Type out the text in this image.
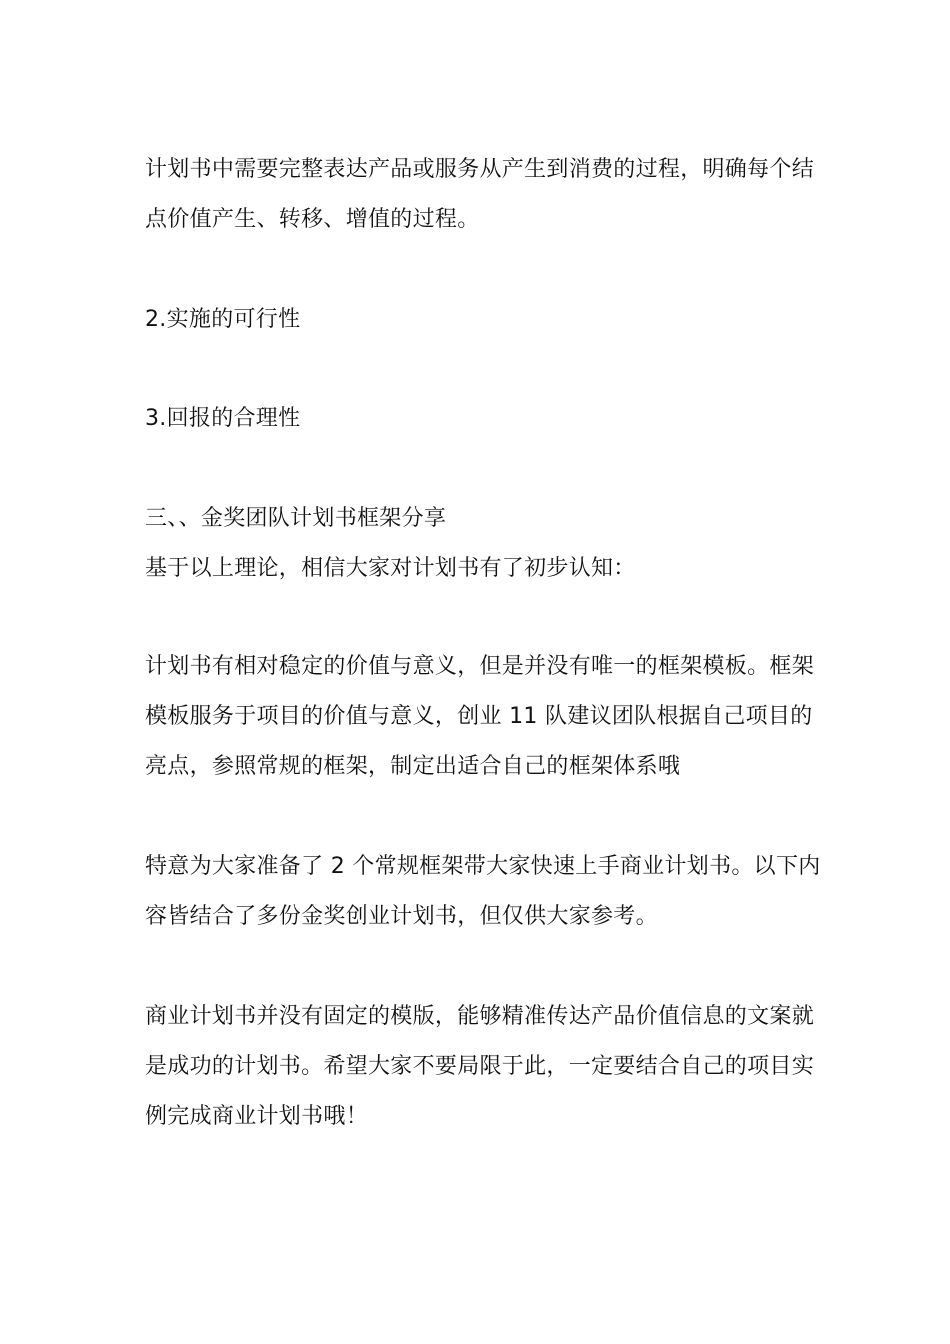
计划书中需要完整表达产品或服务从产生到消费的过程，明确每个结
点价值产生、转移、增值的过程。
2.实施的可行性
3.回报的合理性
三、、金奖团队计划书框架分享
基于以上理论，相信大家对计划书有了初步认知：
计划书有相对稳定的价值与意义，但是并没有唯一的框架模板。框架
模板服务于项目的价值与意义，创业 11 队建议团队根据自己项目的
亮点，参照常规的框架，制定出适合自己的框架体系哦
特意为大家准备了 2 个常规框架带大家快速上手商业计划书。以下内
容皆结合了多份金奖创业计划书，但仅供大家参考。
商业计划书并没有固定的模版，能够精准传达产品价值信息的文案就
是成功的计划书。希望大家不要局限于此，一定要结合自己的项目实
例完成商业计划书哦！
